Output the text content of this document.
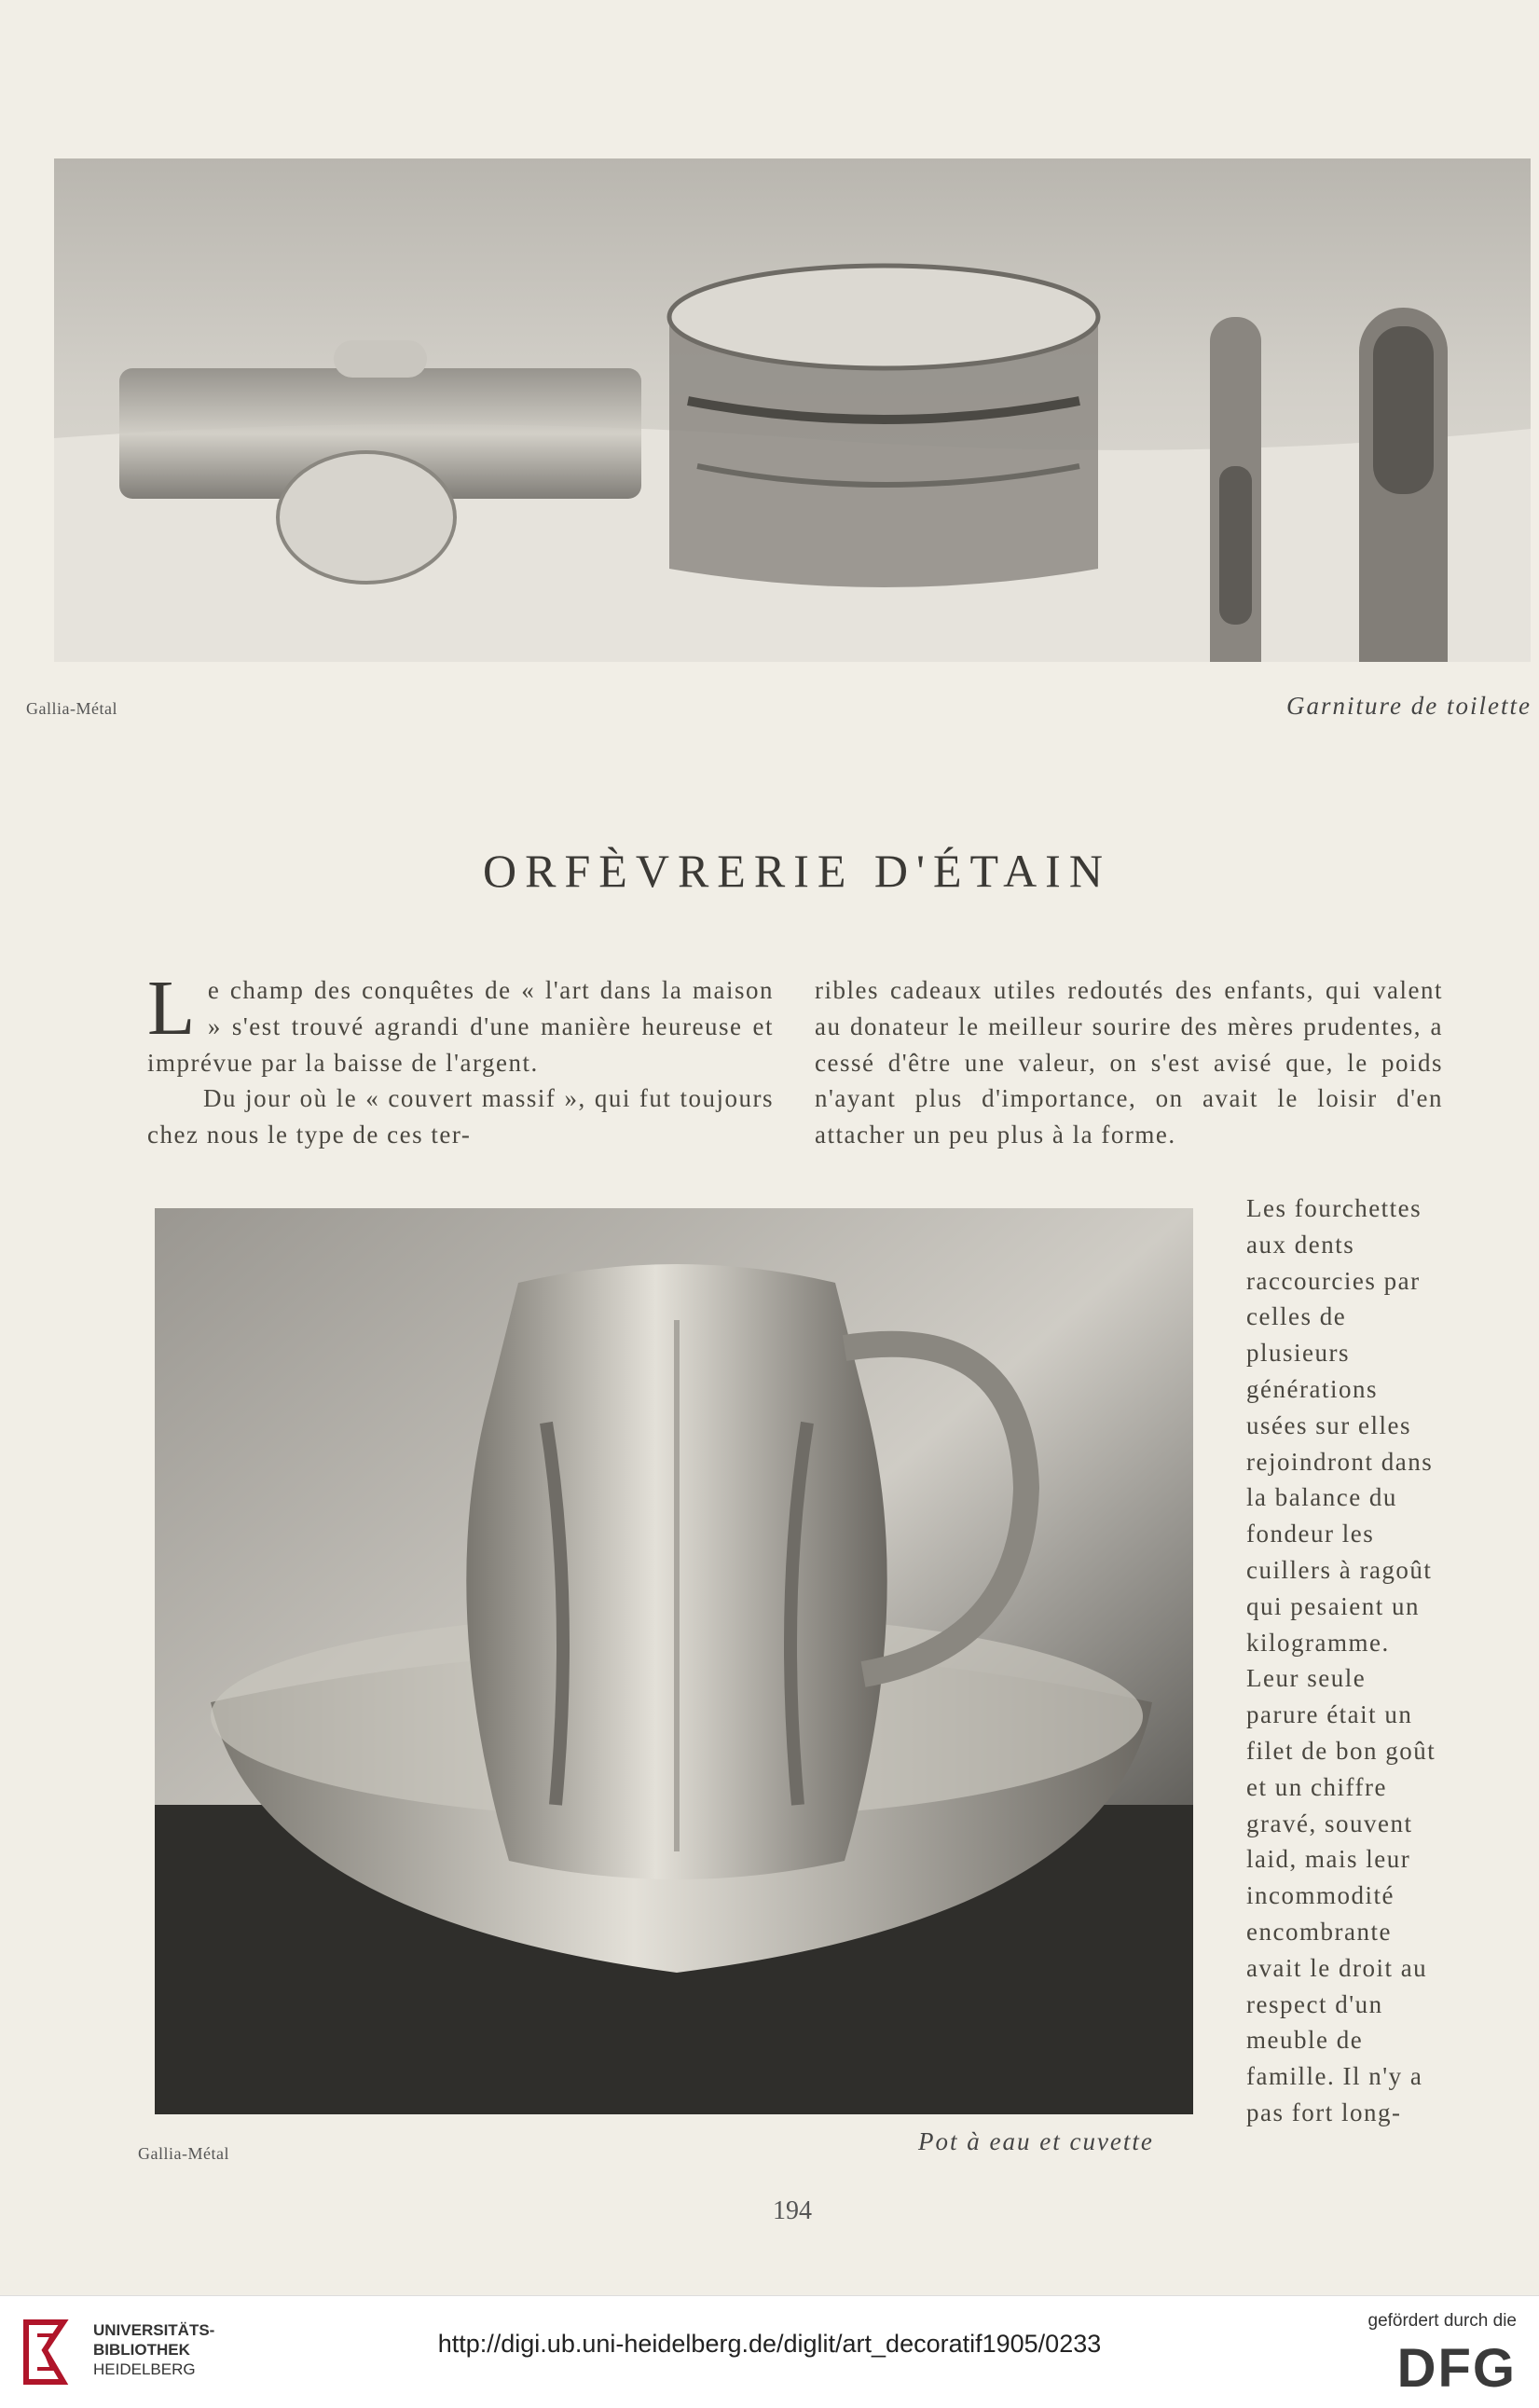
Gallia-Métal	Garniture de toilette
ORFÈVRERIE D'ÉTAIN

Le champ des conquêtes de « l'art dans la maison » s'est trouvé agrandi d'une manière heureuse et imprévue par la baisse de l'argent.

Du jour où le « couvert massif », qui fut toujours chez nous le type de ces ter-

ribles cadeaux utiles redoutés des enfants, qui valent au donateur le meilleur sourire des mères prudentes, a cessé d'être une valeur, on s'est avisé que, le poids n'ayant plus d'importance, on avait le loisir d'en attacher un peu plus à la forme.
Les fourchettes aux dents raccourcies par celles de plusieurs générations usées sur elles rejoindront dans la balance du fondeur les cuillers à ragoût qui pesaient un kilogramme. Leur seule parure était un filet de bon goût et un chiffre gravé, souvent laid, mais leur incommodité encombrante avait le droit au respect d'un meuble de famille. Il n'y a pas fort long-
Gallia-Métal	Pot à eau et cuvette
194
UNIVERSITÄTS-
BIBLIOTHEK
HEIDELBERG
http://digi.ub.uni-heidelberg.de/diglit/art_decoratif1905/0233
gefördert durch die
DFG
